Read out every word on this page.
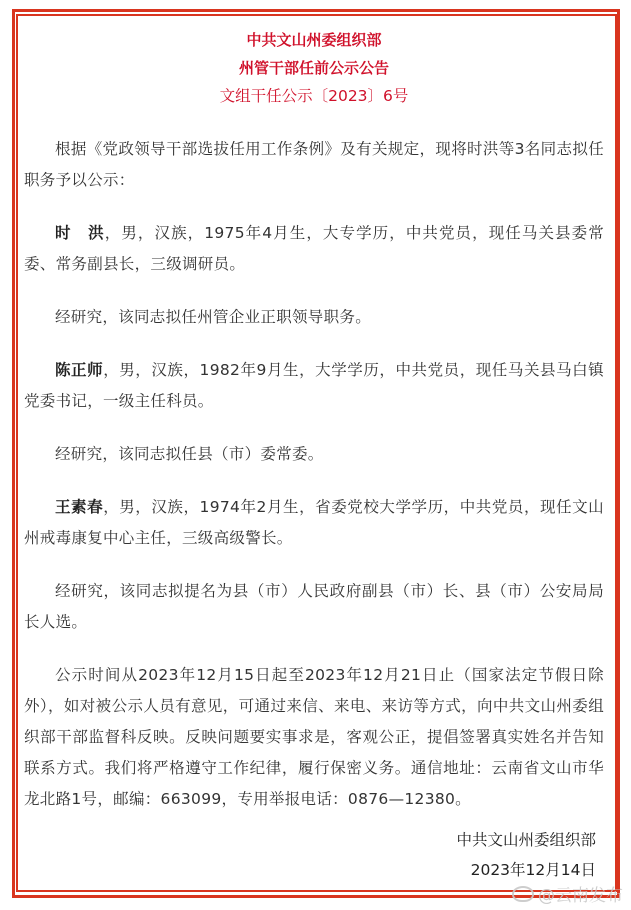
中共文山州委组织部
州管干部任前公示公告
文组干任公示〔2023〕6号

根据《党政领导干部选拔任用工作条例》及有关规定，现将时洪等3名同志拟任职务予以公示：

时　洪，男，汉族，1975年4月生，大专学历，中共党员，现任马关县委常委、常务副县长，三级调研员。

经研究，该同志拟任州管企业正职领导职务。

陈正师，男，汉族，1982年9月生，大学学历，中共党员，现任马关县马白镇党委书记，一级主任科员。

经研究，该同志拟任县（市）委常委。

王素春，男，汉族，1974年2月生，省委党校大学学历，中共党员，现任文山州戒毒康复中心主任，三级高级警长。

经研究，该同志拟提名为县（市）人民政府副县（市）长、县（市）公安局局长人选。

公示时间从2023年12月15日起至2023年12月21日止（国家法定节假日除外），如对被公示人员有意见，可通过来信、来电、来访等方式，向中共文山州委组织部干部监督科反映。反映问题要实事求是，客观公正，提倡签署真实姓名并告知联系方式。我们将严格遵守工作纪律，履行保密义务。通信地址：云南省文山市华龙北路1号，邮编：663099，专用举报电话：0876—12380。

中共文山州委组织部
2023年12月14日
@云南发布
